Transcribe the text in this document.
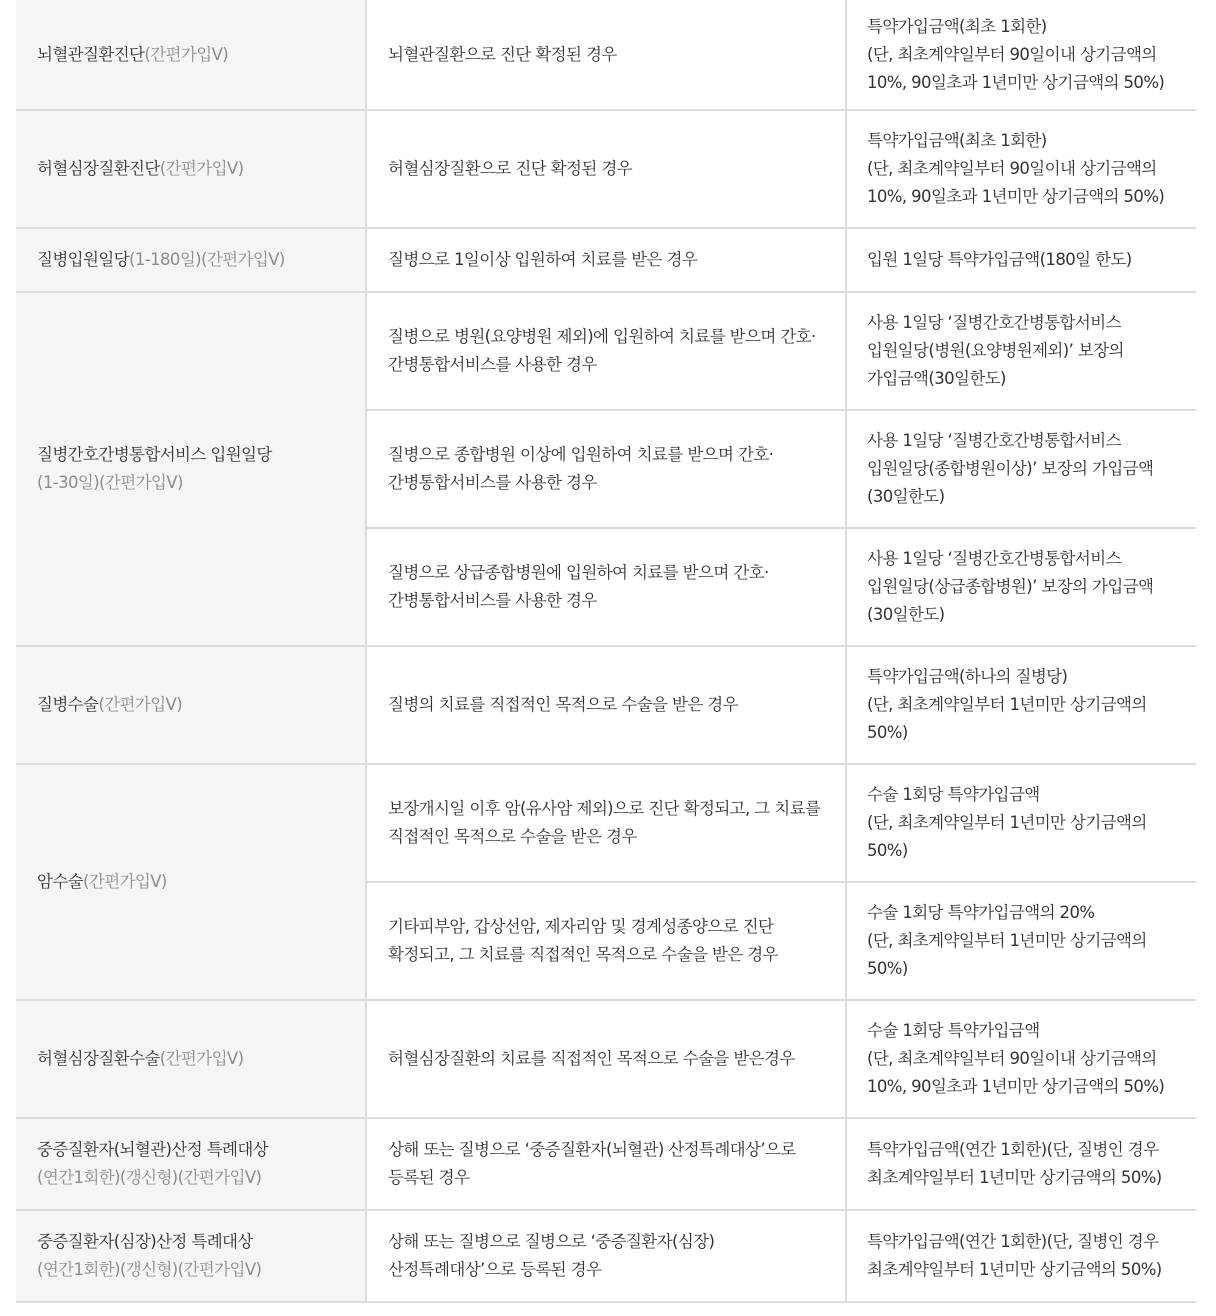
뇌혈관질환진단(간편가입Ⅴ)	뇌혈관질환으로 진단 확정된 경우	특약가입금액(최초 1회한)
(단, 최초계약일부터 90일이내 상기금액의 10%, 90일초과 1년미만 상기금액의 50%)

허혈심장질환진단(간편가입Ⅴ)	허혈심장질환으로 진단 확정된 경우	특약가입금액(최초 1회한)
(단, 최초계약일부터 90일이내 상기금액의 10%, 90일초과 1년미만 상기금액의 50%)

질병입원일당(1-180일)(간편가입Ⅴ)	질병으로 1일이상 입원하여 치료를 받은 경우	입원 1일당 특약가입금액(180일 한도)

질병간호간병통합서비스 입원일당
(1-30일)(간편가입Ⅴ)	질병으로 병원(요양병원 제외)에 입원하여 치료를 받으며 간호·간병통합서비스를 사용한 경우	사용 1일당 ‘질병간호간병통합서비스 입원일당(병원(요양병원제외)’ 보장의 가입금액(30일한도)

	질병으로 종합병원 이상에 입원하여 치료를 받으며 간호·간병통합서비스를 사용한 경우	사용 1일당 ‘질병간호간병통합서비스 입원일당(종합병원이상)’ 보장의 가입금액(30일한도)

	질병으로 상급종합병원에 입원하여 치료를 받으며 간호·간병통합서비스를 사용한 경우	사용 1일당 ‘질병간호간병통합서비스 입원일당(상급종합병원)’ 보장의 가입금액(30일한도)

질병수술(간편가입Ⅴ)	질병의 치료를 직접적인 목적으로 수술을 받은 경우	특약가입금액(하나의 질병당)
(단, 최초계약일부터 1년미만 상기금액의 50%)

암수술(간편가입Ⅴ)	보장개시일 이후 암(유사암 제외)으로 진단 확정되고, 그 치료를 직접적인 목적으로 수술을 받은 경우	수술 1회당 특약가입금액
(단, 최초계약일부터 1년미만 상기금액의 50%)

	기타피부암, 갑상선암, 제자리암 및 경계성종양으로 진단 확정되고, 그 치료를 직접적인 목적으로 수술을 받은 경우	수술 1회당 특약가입금액의 20%
(단, 최초계약일부터 1년미만 상기금액의 50%)

허혈심장질환수술(간편가입Ⅴ)	허혈심장질환의 치료를 직접적인 목적으로 수술을 받은경우	수술 1회당 특약가입금액
(단, 최초계약일부터 90일이내 상기금액의 10%, 90일초과 1년미만 상기금액의 50%)

중증질환자(뇌혈관)산정 특례대상
(연간1회한)(갱신형)(간편가입Ⅴ)	상해 또는 질병으로 ‘중증질환자(뇌혈관) 산정특례대상’으로 등록된 경우	특약가입금액(연간 1회한)(단, 질병인 경우 최초계약일부터 1년미만 상기금액의 50%)

중증질환자(심장)산정 특례대상
(연간1회한)(갱신형)(간편가입Ⅴ)	상해 또는 질병으로 질병으로 ‘중증질환자(심장) 산정특례대상’으로 등록된 경우	특약가입금액(연간 1회한)(단, 질병인 경우 최초계약일부터 1년미만 상기금액의 50%)
